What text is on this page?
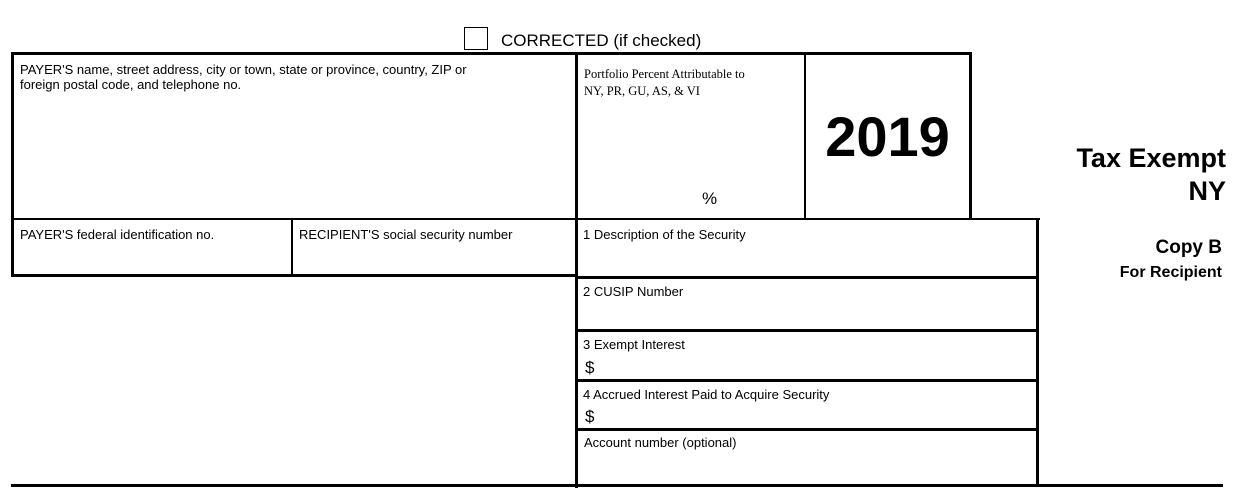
CORRECTED (if checked)
PAYER'S name, street address, city or town, state or province, country, ZIP or
foreign postal code, and telephone no.
Portfolio Percent Attributable to
NY, PR, GU, AS, & VI
%
2019	Tax Exempt
NY
PAYER'S federal identification no.	RECIPIENT'S social security number	1 Description of the Security
2 CUSIP Number
3 Exempt Interest
$
4 Accrued Interest Paid to Acquire Security
$
Account number (optional)
Copy B
For Recipient
